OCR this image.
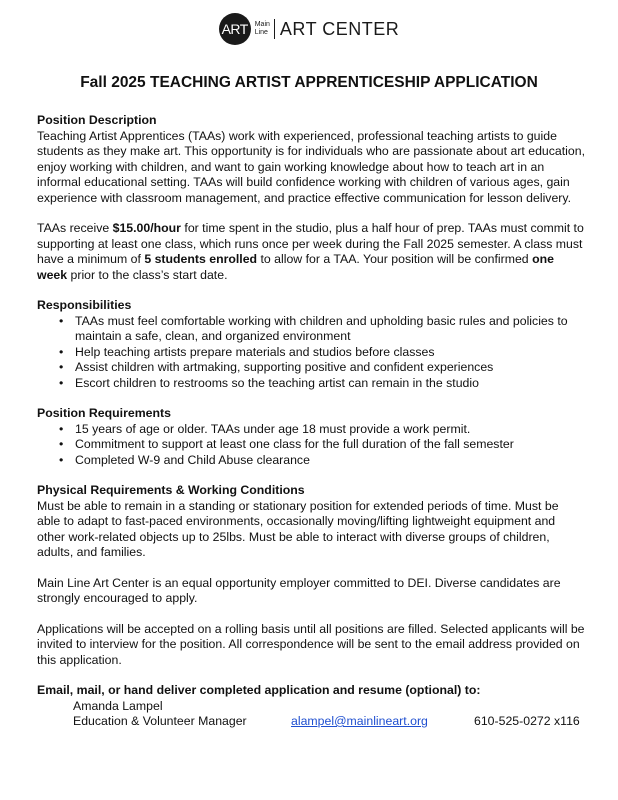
ART Main
Line ART CENTER
Fall 2025 TEACHING ARTIST APPRENTICESHIP APPLICATION
Position Description

Teaching Artist Apprentices (TAAs) work with experienced, professional teaching artists to guide students as they make art. This opportunity is for individuals who are passionate about art education, enjoy working with children, and want to gain working knowledge about how to teach art in an informal educational setting. TAAs will build confidence working with children of various ages, gain experience with classroom management, and practice effective communication for lesson delivery.

TAAs receive $15.00/hour for time spent in the studio, plus a half hour of prep. TAAs must commit to supporting at least one class, which runs once per week during the Fall 2025 semester. A class must have a minimum of 5 students enrolled to allow for a TAA. Your position will be confirmed one week prior to the class’s start date.

Responsibilities
• TAAs must feel comfortable working with children and upholding basic rules and policies to maintain a safe, clean, and organized environment
• Help teaching artists prepare materials and studios before classes
• Assist children with artmaking, supporting positive and confident experiences
• Escort children to restrooms so the teaching artist can remain in the studio
Position Requirements
• 15 years of age or older. TAAs under age 18 must provide a work permit.
• Commitment to support at least one class for the full duration of the fall semester
• Completed W-9 and Child Abuse clearance
Physical Requirements & Working Conditions

Must be able to remain in a standing or stationary position for extended periods of time. Must be able to adapt to fast-paced environments, occasionally moving/lifting lightweight equipment and other work-related objects up to 25lbs. Must be able to interact with diverse groups of children, adults, and families.

Main Line Art Center is an equal opportunity employer committed to DEI. Diverse candidates are strongly encouraged to apply.

Applications will be accepted on a rolling basis until all positions are filled. Selected applicants will be invited to interview for the position. All correspondence will be sent to the email address provided on this application.

Email, mail, or hand deliver completed application and resume (optional) to:
Amanda Lampel
Education & Volunteer Manager	alampel@mainlineart.org	610-525-0272 x116
